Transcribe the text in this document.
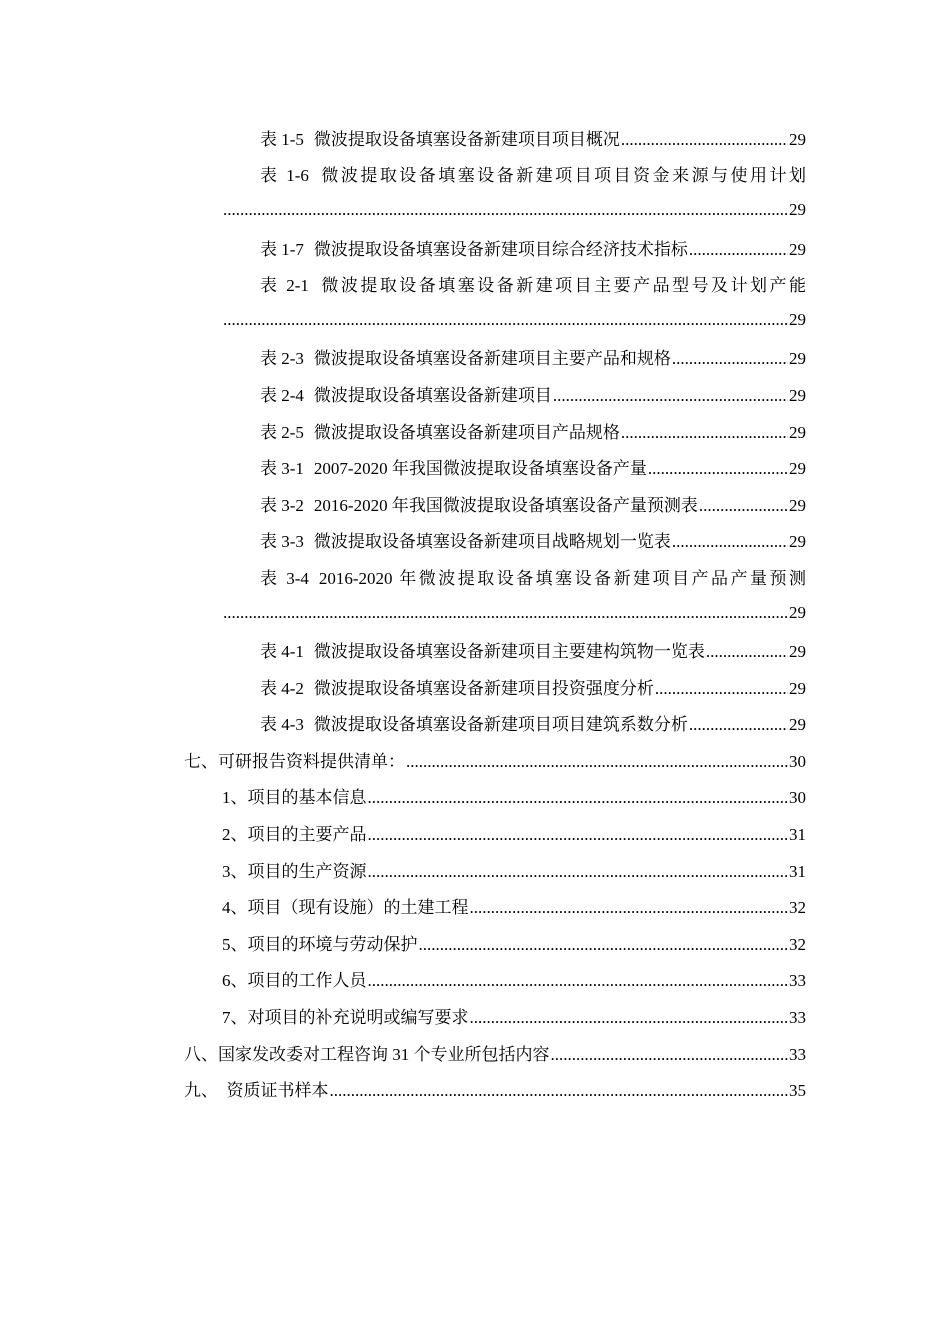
表 1-5 微波提取设备填塞设备新建项目项目概况 .....	29
表 1-6 微波提取设备填塞设备新建项目项目资金来源与使用计划
.....
29
表 1-7 微波提取设备填塞设备新建项目综合经济技术指标 .....	29
表 2-1 微波提取设备填塞设备新建项目主要产品型号及计划产能
.....
29
表 2-3 微波提取设备填塞设备新建项目主要产品和规格 .....	29
表 2-4 微波提取设备填塞设备新建项目 .....	29
表 2-5 微波提取设备填塞设备新建项目产品规格 .....	29
表 3-1 2007-2020 年我国微波提取设备填塞设备产量 .....	29
表 3-2 2016-2020 年我国微波提取设备填塞设备产量预测表 .....	29
表 3-3 微波提取设备填塞设备新建项目战略规划一览表 .....	29
表 3-4 2016-2020 年微波提取设备填塞设备新建项目产品产量预测
.....
29
表 4-1 微波提取设备填塞设备新建项目主要建构筑物一览表 .....	29
表 4-2 微波提取设备填塞设备新建项目投资强度分析 .....	29
表 4-3 微波提取设备填塞设备新建项目项目建筑系数分析 .....	29
七、可研报告资料提供清单： .....	30
1、项目的基本信息 .....	30
2、项目的主要产品 .....	31
3、项目的生产资源 .....	31
4、项目（现有设施）的土建工程 .....	32
5、项目的环境与劳动保护 .....	32
6、项目的工作人员 .....	33
7、对项目的补充说明或编写要求 .....	33
八、国家发改委对工程咨询 31 个专业所包括内容 .....	33
九、  资质证书样本 .....	35
